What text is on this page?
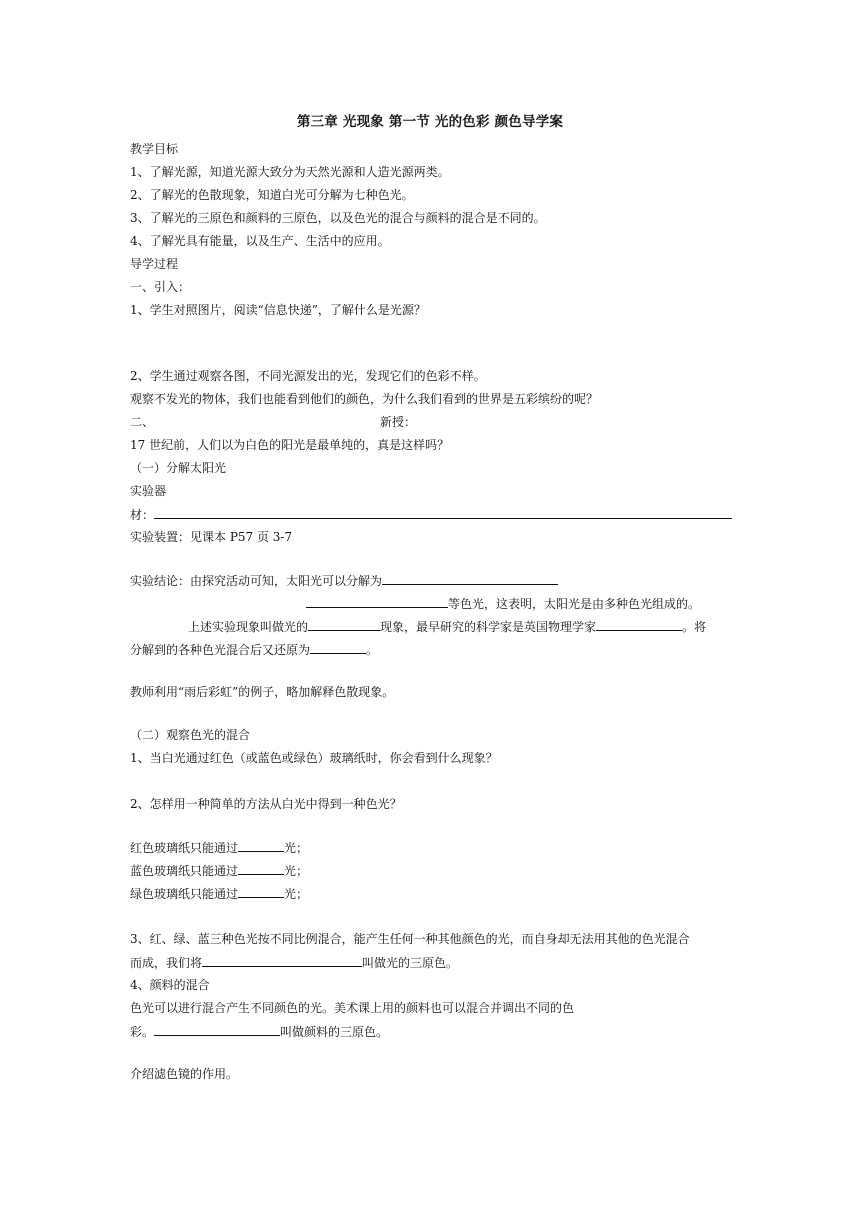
第三章 光现象 第一节 光的色彩 颜色导学案
教学目标
1、了解光源，知道光源大致分为天然光源和人造光源两类。
2、了解光的色散现象，知道白光可分解为七种色光。
3、了解光的三原色和颜料的三原色，以及色光的混合与颜料的混合是不同的。
4、了解光具有能量，以及生产、生活中的应用。
导学过程
一、引入：
1、学生对照图片，阅读“信息快递”，了解什么是光源？
2、学生通过观察各图，不同光源发出的光，发现它们的色彩不样。
观察不发光的物体，我们也能看到他们的颜色，为什么我们看到的世界是五彩缤纷的呢？
二、	新授：
17 世纪前，人们以为白色的阳光是最单纯的，真是这样吗？
（一）分解太阳光
实验器
材：
实验装置：见课本 P57 页 3-7
实验结论：由探究活动可知，太阳光可以分解为
等色光，这表明，太阳光是由多种色光组成的。
上述实验现象叫做光的	现象，最早研究的科学家是英国物理学家	。将
分解到的各种色光混合后又还原为	。
教师利用“雨后彩虹”的例子，略加解释色散现象。
（二）观察色光的混合
1、当白光通过红色（或蓝色或绿色）玻璃纸时，你会看到什么现象？
2、怎样用一种简单的方法从白光中得到一种色光？
红色玻璃纸只能通过	光；
蓝色玻璃纸只能通过	光；
绿色玻璃纸只能通过	光；
3、红、绿、蓝三种色光按不同比例混合，能产生任何一种其他颜色的光，而自身却无法用其他的色光混合
而成，我们将	叫做光的三原色。
4、颜料的混合
色光可以进行混合产生不同颜色的光。美术课上用的颜料也可以混合并调出不同的色
彩。	叫做颜料的三原色。
介绍滤色镜的作用。
